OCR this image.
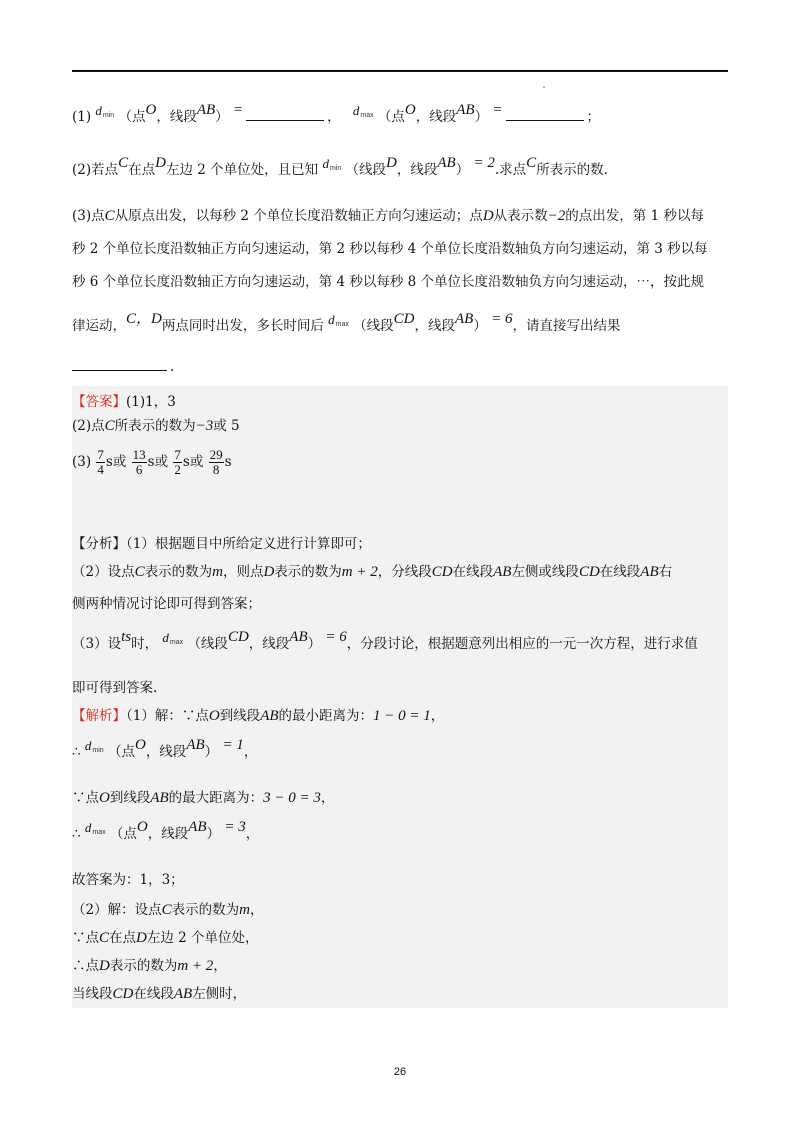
(1) dmin （点O，线段AB） =	， dmax （点O，线段AB） =	；
(2)若点C在点D左边 2 个单位处，且已知 dmin （线段D，线段AB） = 2.求点C所表示的数.
(3)点C从原点出发，以每秒 2 个单位长度沿数轴正方向匀速运动；点D从表示数−2的点出发，第 1 秒以每
秒 2 个单位长度沿数轴正方向匀速运动，第 2 秒以每秒 4 个单位长度沿数轴负方向匀速运动，第 3 秒以每
秒 6 个单位长度沿数轴正方向匀速运动，第 4 秒以每秒 8 个单位长度沿数轴负方向匀速运动，⋯，按此规
律运动，C，D两点同时出发，多长时间后 dmax （线段CD，线段AB） = 6，请直接写出结果
.
【答案】(1)1，3
(2)点C所表示的数为−3或 5
$(3) \frac{7}{4}$ s或 $\frac{13}{6}$ s或 $\frac{7}{2}$ s或 $\frac{29}{8}$ s
【分析】（1）根据题目中所给定义进行计算即可；
（2）设点C表示的数为m，则点D表示的数为m + 2，分线段CD在线段AB左侧或线段CD在线段AB右
侧两种情况讨论即可得到答案；
（3）设ts时， dmax （线段CD，线段AB） = 6，分段讨论，根据题意列出相应的一元一次方程，进行求值
即可得到答案.
【解析】（1）解：∵点O到线段AB的最小距离为：1 − 0 = 1，
∴ dmin （点O，线段AB） = 1，
∵点O到线段AB的最大距离为：3 − 0 = 3，
∴ dmax （点O，线段AB） = 3，
故答案为：1，3；
（2）解：设点C表示的数为m，
∵点C在点D左边 2 个单位处，
∴点D表示的数为m + 2，
当线段CD在线段AB左侧时，
26
